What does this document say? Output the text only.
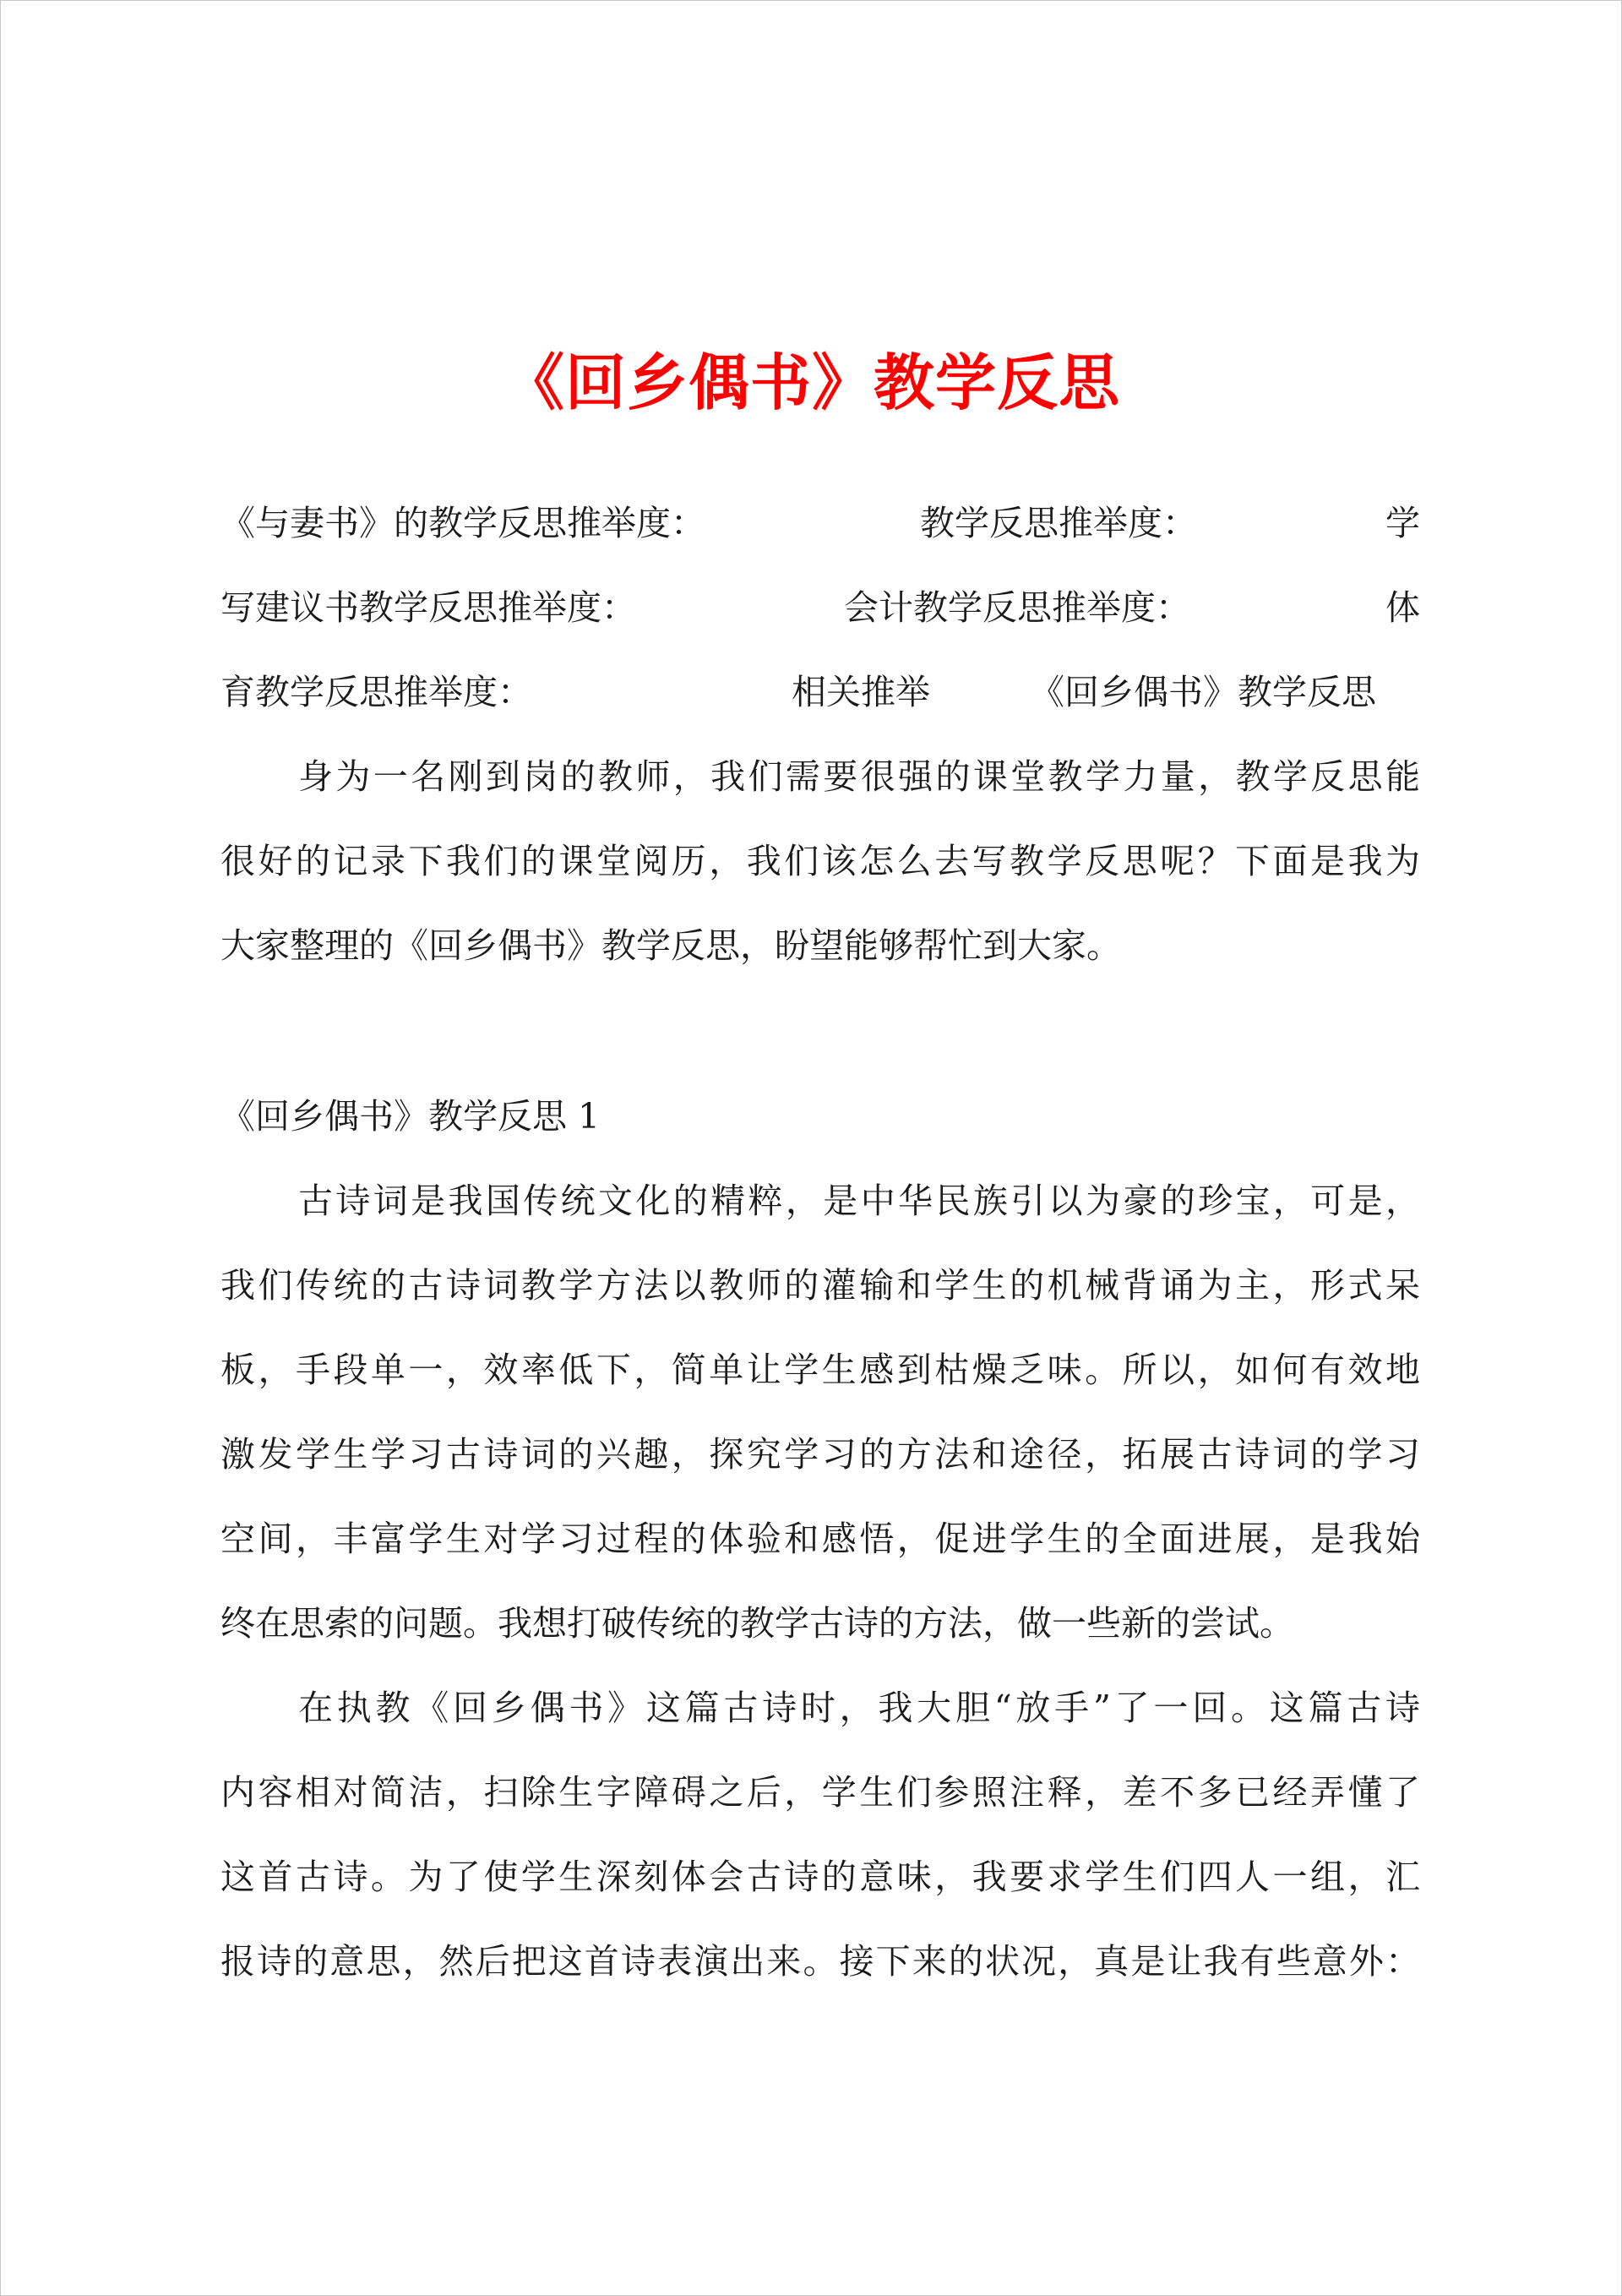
《回乡偶书》教学反思
《与妻书》的教学反思推举度：	教学反思推举度：	学
写建议书教学反思推举度：	会计教学反思推举度：	体
育教学反思推举度：	相关推举	《回乡偶书》教学反思
身为一名刚到岗的教师，我们需要很强的课堂教学力量，教学反思能
很好的记录下我们的课堂阅历，我们该怎么去写教学反思呢？下面是我为
大家整理的《回乡偶书》教学反思，盼望能够帮忙到大家。
《回乡偶书》教学反思 1
古诗词是我国传统文化的精粹，是中华民族引以为豪的珍宝，可是，
我们传统的古诗词教学方法以教师的灌输和学生的机械背诵为主，形式呆
板，手段单一，效率低下，简单让学生感到枯燥乏味。所以，如何有效地
激发学生学习古诗词的兴趣，探究学习的方法和途径，拓展古诗词的学习
空间，丰富学生对学习过程的体验和感悟，促进学生的全面进展，是我始
终在思索的问题。我想打破传统的教学古诗的方法，做一些新的尝试。
在执教《回乡偶书》这篇古诗时，我大胆“放手”了一回。这篇古诗
内容相对简洁，扫除生字障碍之后，学生们参照注释，差不多已经弄懂了
这首古诗。为了使学生深刻体会古诗的意味，我要求学生们四人一组，汇
报诗的意思，然后把这首诗表演出来。接下来的状况，真是让我有些意外：
